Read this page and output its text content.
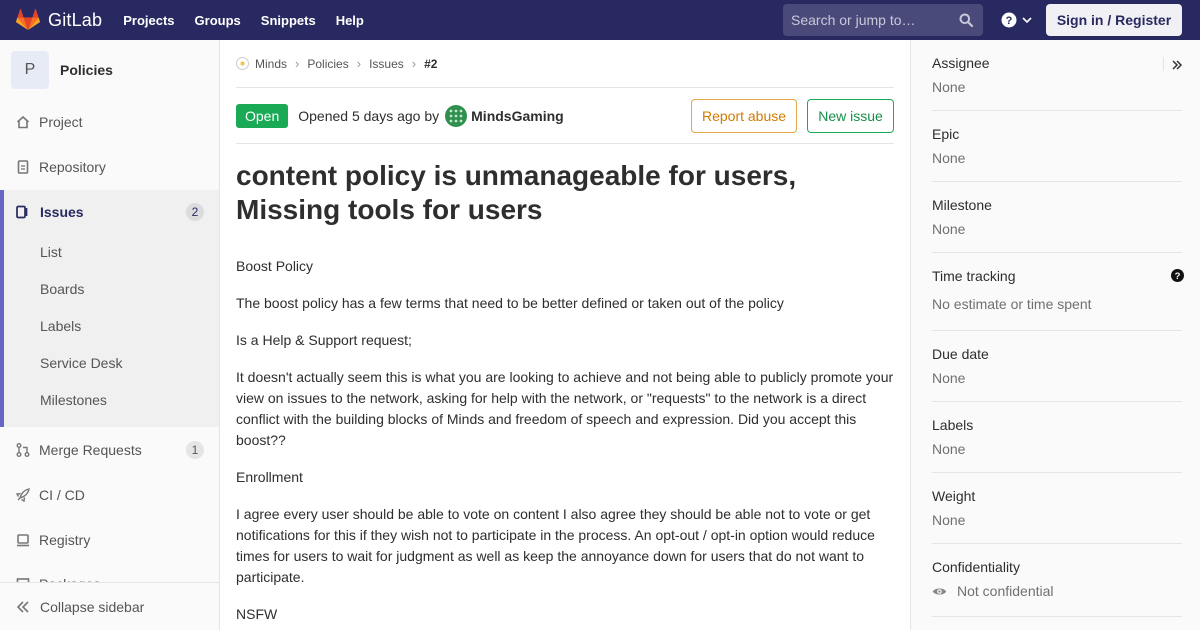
GitLab Projects Groups Snippets Help
Search or jump to…	?	Sign in / Register
P	Policies
Project
Repository
Issues	2
List
Boards
Labels
Service Desk
Milestones
Merge Requests	1
CI / CD
Registry
Collapse sidebar
Minds › Policies › Issues › #2
Open	Opened 5 days ago by MindsGaming	Report abuse	New issue
content policy is unmanageable for users, Missing tools for users

Boost Policy

The boost policy has a few terms that need to be better defined or taken out of the policy

Is a Help & Support request;

It doesn't actually seem this is what you are looking to achieve and not being able to publicly promote your view on issues to the network, asking for help with the network, or "requests" to the network is a direct conflict with the building blocks of Minds and freedom of speech and expression. Did you accept this boost??

Enrollment

I agree every user should be able to vote on content I also agree they should be able not to vote or get notifications for this if they wish not to participate in the process. An opt-out / opt-in option would reduce times for users to wait for judgment as well as keep the annoyance down for users that do not want to participate.

NSFW

Assignee
None
Epic
None
Milestone
None
Time tracking	?
No estimate or time spent
Due date
None
Labels
None
Weight
None
Confidentiality
Not confidential
